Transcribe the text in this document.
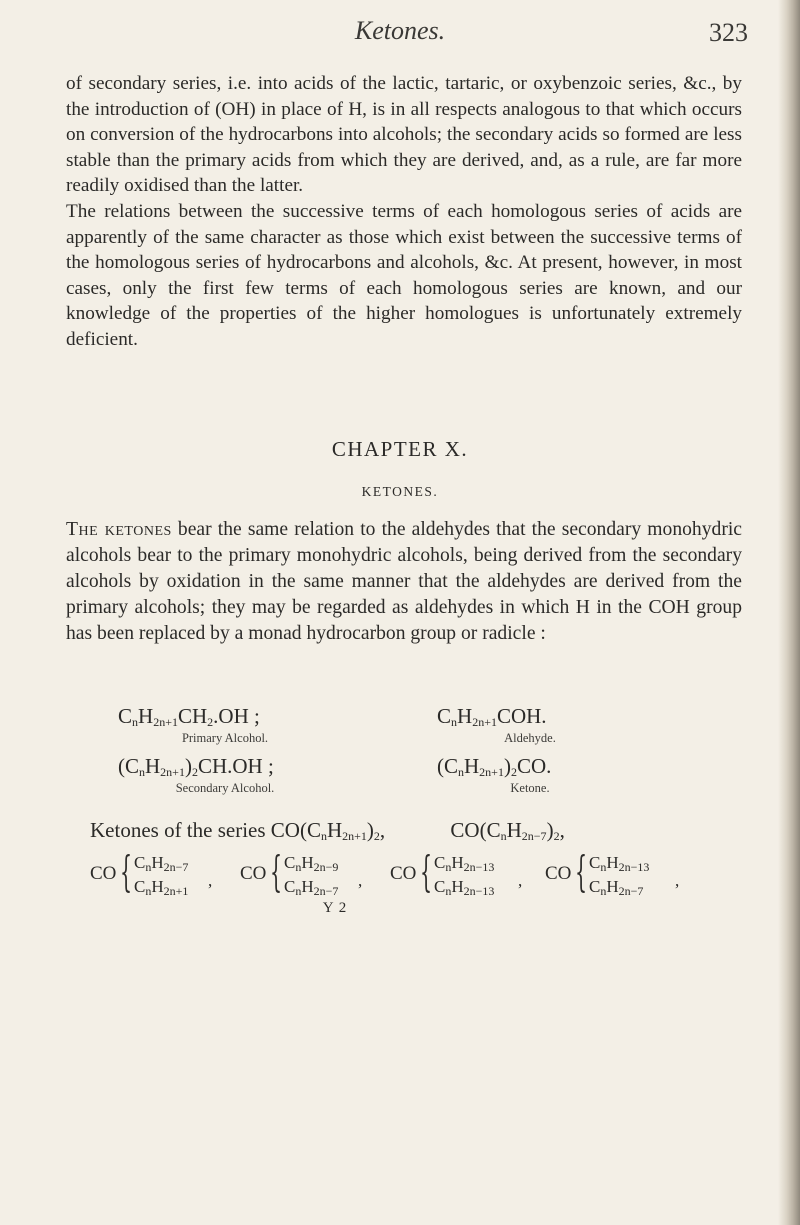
Ketones.	323

of secondary series, i.e. into acids of the lactic, tartaric, or oxybenzoic series, &c., by the introduction of (OH) in place of H, is in all respects analogous to that which occurs on conversion of the hydrocarbons into alcohols; the secondary acids so formed are less stable than the primary acids from which they are derived, and, as a rule, are far more readily oxidised than the latter.

The relations between the successive terms of each homologous series of acids are apparently of the same character as those which exist between the successive terms of the homologous series of hydrocarbons and alcohols, &c. At present, however, in most cases, only the first few terms of each homologous series are known, and our knowledge of the properties of the higher homologues is unfortunately extremely deficient.

CHAPTER X.
KETONES.

The ketones bear the same relation to the aldehydes that the secondary monohydric alcohols bear to the primary monohydric alcohols, being derived from the secondary alcohols by oxidation in the same manner that the aldehydes are derived from the primary alcohols; they may be regarded as aldehydes in which H in the COH group has been replaced by a monad hydrocarbon group or radicle :

$C_nH_{2n+1}CH_2.OH$ ;
Primary Alcohol.
$C_nH_{2n+1}COH$.
Aldehyde.
$(C_nH_{2n+1})_2CH.OH$ ;
Secondary Alcohol.
$(C_nH_{2n+1})_2CO$.
Ketone.
Ketones of the series $CO(C_nH_{2n+1})_2$,	$CO(C_nH_{2n-7})_2$,
CO { $C_nH_{2n-7}$
$C_nH_{2n+1}$
, CO { $C_nH_{2n-9}$
$C_nH_{2n-7}$
, CO { $C_nH_{2n-13}$
$C_nH_{2n-13}$
, CO { $C_nH_{2n-13}$
$C_nH_{2n-7}$
,
Y 2
